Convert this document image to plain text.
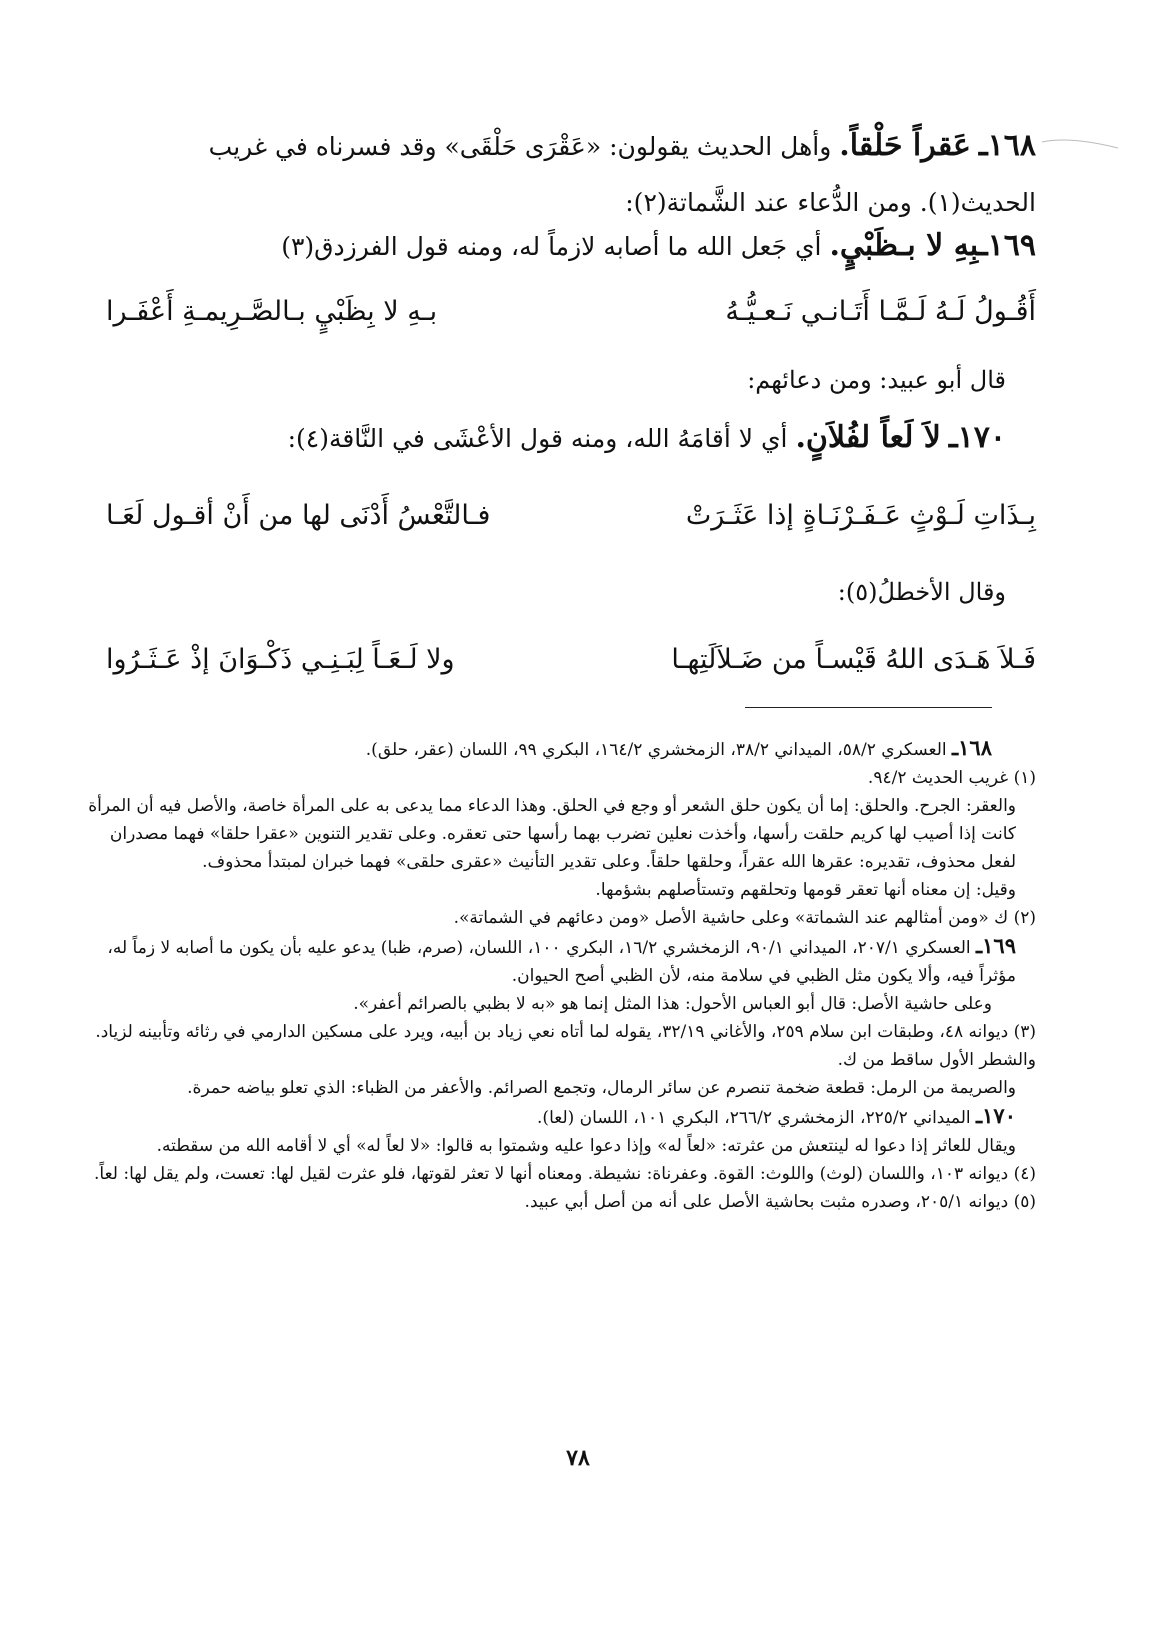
١٦٨ـ عَقراً حَلْقاً. وأهل الحديث يقولون: «عَقْرَى حَلْقَى» وقد فسرناه في غريب الحديث(١). ومن الدُّعاء عند الشَّماتة(٢):
١٦٩ـبِهِ لا بـظَبْيٍ. أي جَعل الله ما أصابه لازماً له، ومنه قول الفرزدق(٣)
أَقُـولُ لَـهُ لَـمَّـا أَتَـانـي نَـعـيُّـهُ
بـهِ لا بِظَبْيٍ بـالصَّـرِيمـةِ أَعْفَـرا
قال أبو عبيد: ومن دعائهم:
١٧٠ـ لاَ لَعاً لفُلاَنٍ. أي لا أقامَهُ الله، ومنه قول الأعْشَى في النَّاقة(٤):
بِـذَاتِ لَـوْثٍ عَـفَـرْنَـاةٍ إذا عَثَـرَتْ
فـالتَّعْسُ أَدْنَى لها من أَنْ أقـول لَعَـا
وقال الأخطلُ(٥):
فَـلاَ هَـدَى اللهُ قَيْسـاً من ضَـلاَلَتِهـا
ولا لَـعَـاً لِبَـنِـي ذَكْـوَانَ إذْ عَـثَـرُوا

١٦٨ـ العسكري ٥٨/٢، الميداني ٣٨/٢، الزمخشري ١٦٤/٢، البكري ٩٩، اللسان (عقر، حلق).

(١) غريب الحديث ٩٤/٢.

والعقر: الجرح. والحلق: إما أن يكون حلق الشعر أو وجع في الحلق. وهذا الدعاء مما يدعى به على المرأة خاصة، والأصل فيه أن المرأة كانت إذا أصيب لها كريم حلقت رأسها، وأخذت نعلين تضرب بهما رأسها حتى تعقره. وعلى تقدير التنوين «عقرا حلقا» فهما مصدران لفعل محذوف، تقديره: عقرها الله عقراً، وحلقها حلقاً. وعلى تقدير التأنيث «عقرى حلقى» فهما خبران لمبتدأ محذوف.

وقيل: إن معناه أنها تعقر قومها وتحلقهم وتستأصلهم بشؤمها.

(٢) ك «ومن أمثالهم عند الشماتة» وعلى حاشية الأصل «ومن دعائهم في الشماتة».

١٦٩ـ العسكري ٢٠٧/١، الميداني ٩٠/١، الزمخشري ١٦/٢، البكري ١٠٠، اللسان، (صرم، ظبا) يدعو عليه بأن يكون ما أصابه لا زماً له، مؤثراً فيه، وألا يكون مثل الظبي في سلامة منه، لأن الظبي أصح الحيوان.

وعلى حاشية الأصل: قال أبو العباس الأحول: هذا المثل إنما هو «به لا بظبي بالصرائم أعفر».

(٣) ديوانه ٤٨، وطبقات ابن سلام ٢٥٩، والأغاني ٣٢/١٩، يقوله لما أتاه نعي زياد بن أبيه، ويرد على مسكين الدارمي في رثائه وتأبينه لزياد. والشطر الأول ساقط من ك.

والصريمة من الرمل: قطعة ضخمة تنصرم عن سائر الرمال، وتجمع الصرائم. والأعفر من الظباء: الذي تعلو بياضه حمرة.

١٧٠ـ الميداني ٢٢٥/٢، الزمخشري ٢٦٦/٢، البكري ١٠١، اللسان (لعا).

ويقال للعاثر إذا دعوا له لينتعش من عثرته: «لعاً له» وإذا دعوا عليه وشمتوا به قالوا: «لا لعاً له» أي لا أقامه الله من سقطته.

(٤) ديوانه ١٠٣، واللسان (لوث) واللوث: القوة. وعفرناة: نشيطة. ومعناه أنها لا تعثر لقوتها، فلو عثرت لقيل لها: تعست، ولم يقل لها: لعاً.

(٥) ديوانه ٢٠٥/١، وصدره مثبت بحاشية الأصل على أنه من أصل أبي عبيد.

٧٨
